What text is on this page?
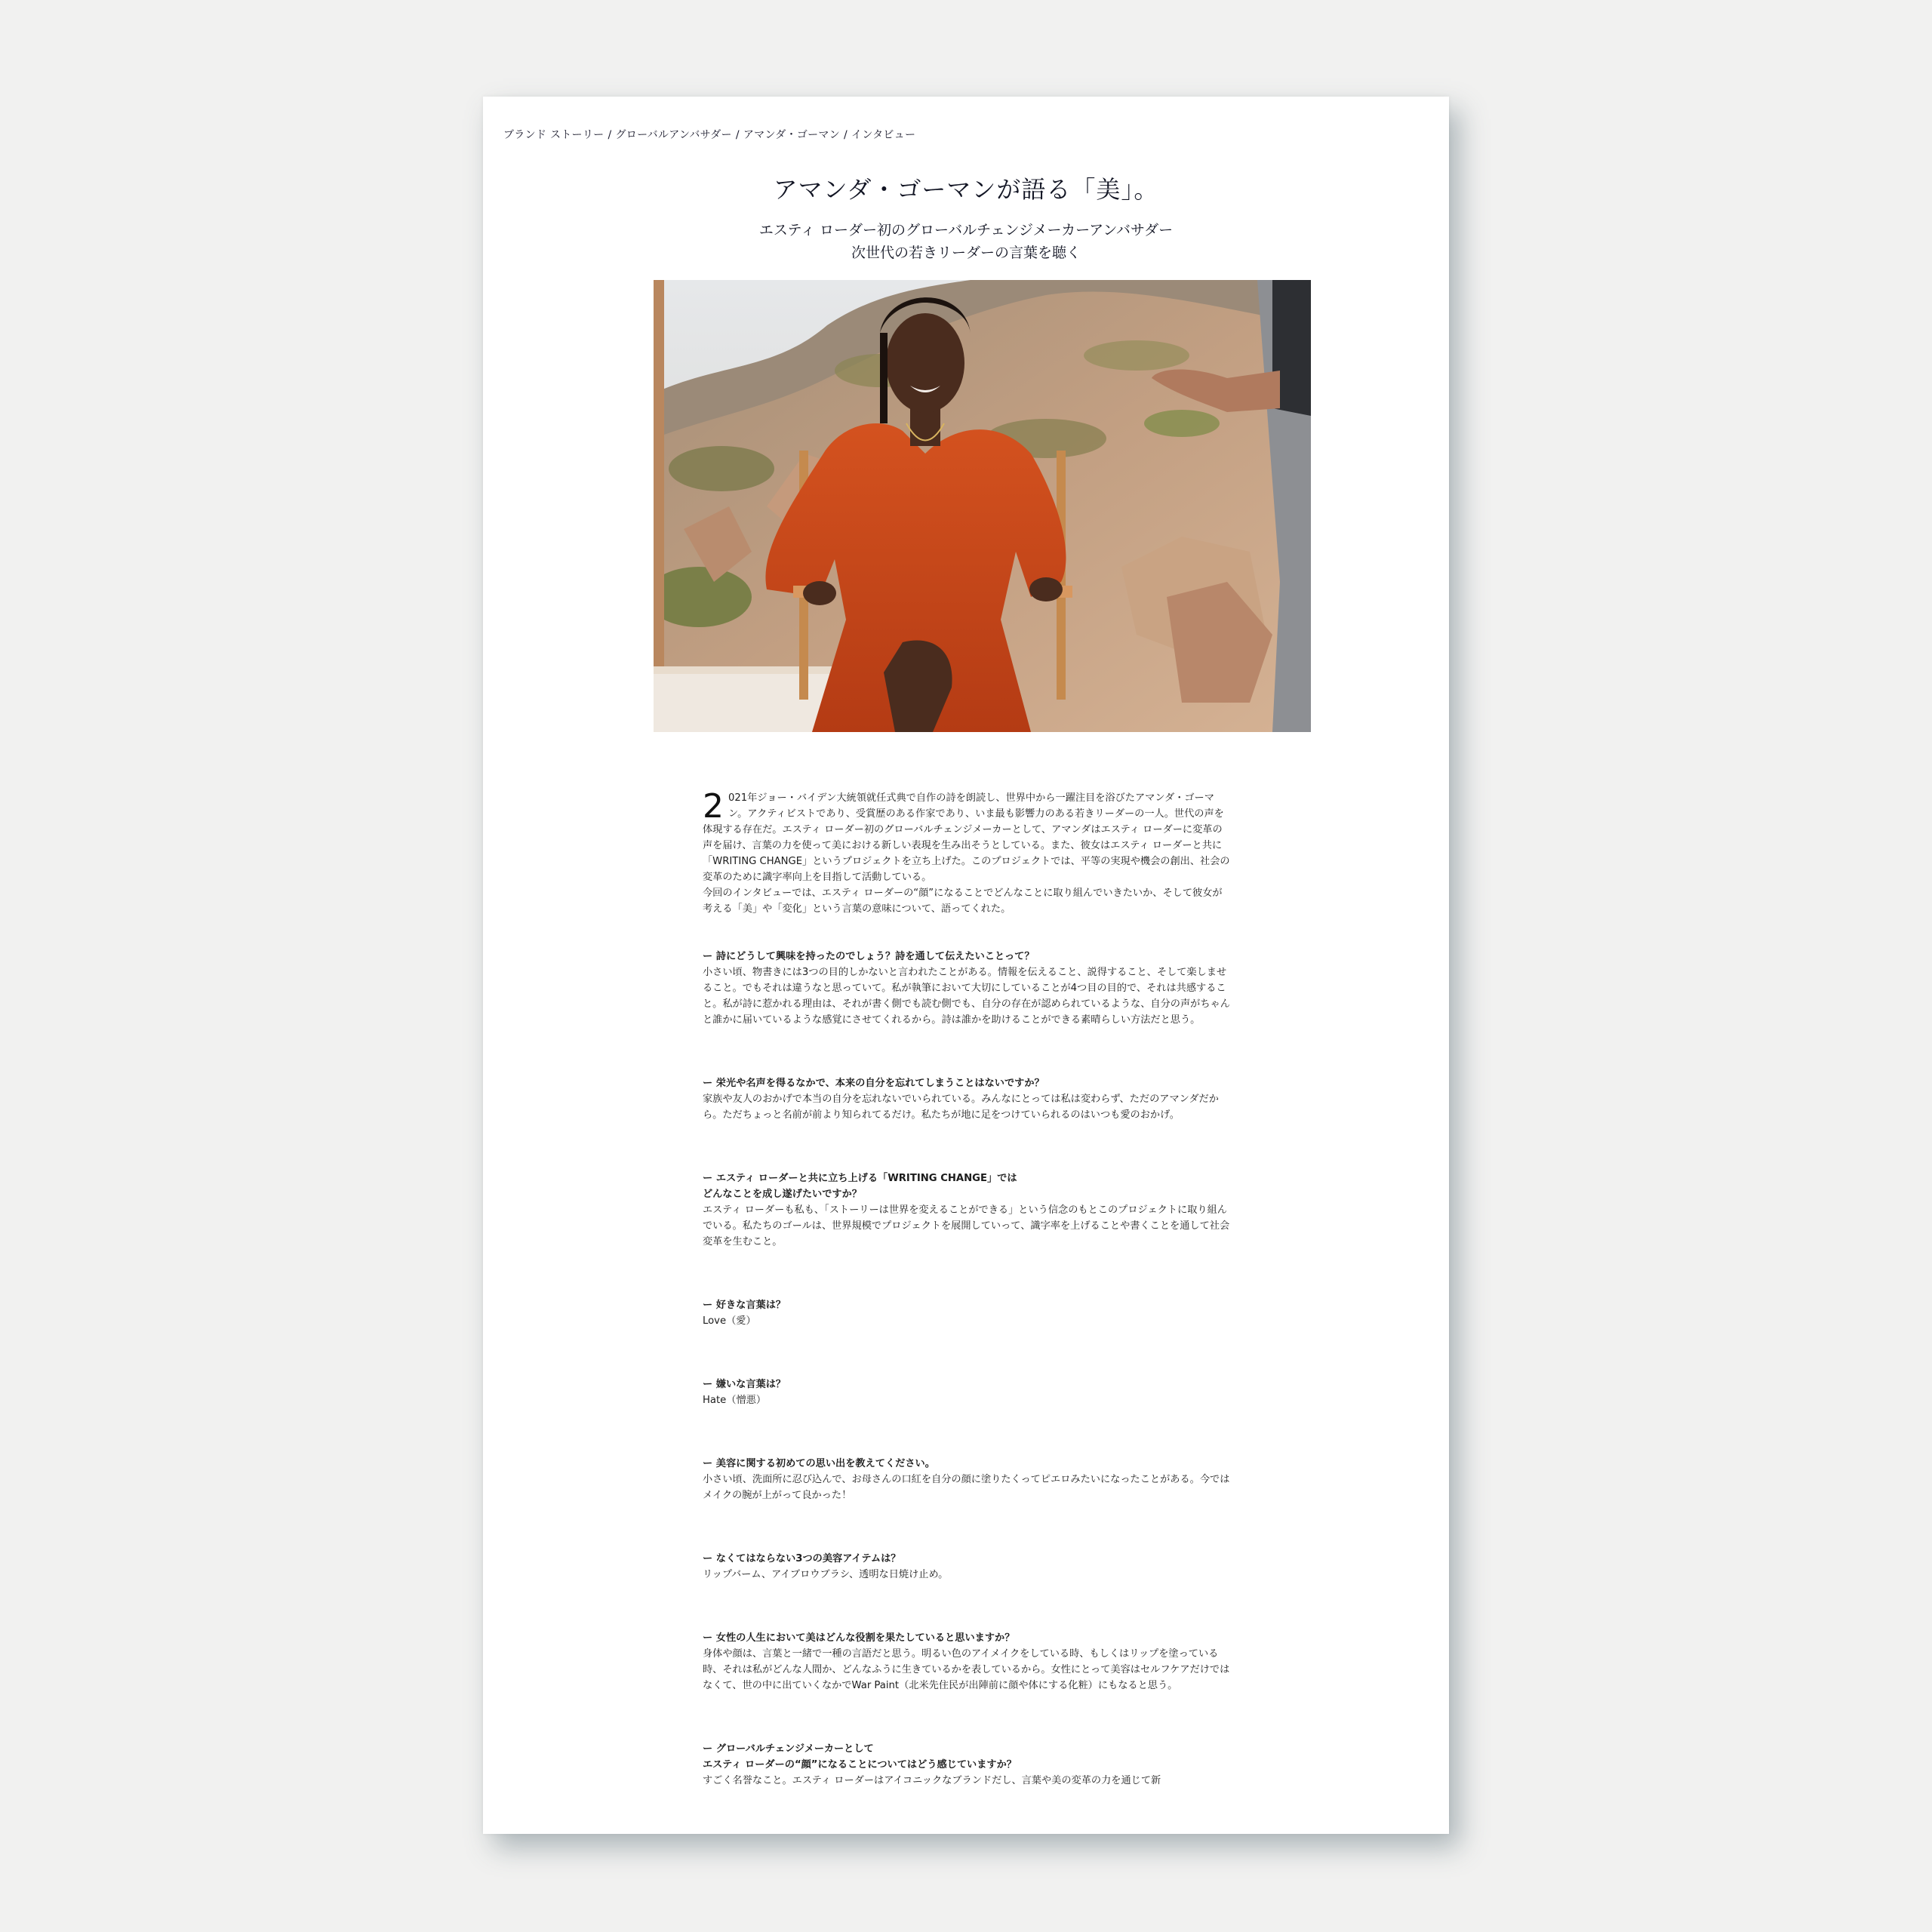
ブランド ストーリー / グローバルアンバサダー / アマンダ・ゴーマン / インタビュー
アマンダ・ゴーマンが語る「美」。
エスティ ローダー初のグローバルチェンジメーカーアンバサダー
次世代の若きリーダーの言葉を聴く
2 021年ジョー・バイデン大統領就任式典で自作の詩を朗読し、世界中から一躍注目を浴びたアマンダ・ゴーマン。アクティビストであり、受賞歴のある作家であり、いま最も影響力のある若きリーダーの一人。世代の声を体現する存在だ。エスティ ローダー初のグローバルチェンジメーカーとして、アマンダはエスティ ローダーに変革の声を届け、言葉の力を使って美における新しい表現を生み出そうとしている。また、彼女はエスティ ローダーと共に「WRITING CHANGE」というプロジェクトを立ち上げた。このプロジェクトでは、平等の実現や機会の創出、社会の変革のために識字率向上を目指して活動している。

今回のインタビューでは、エスティ ローダーの“顔”になることでどんなことに取り組んでいきたいか、そして彼女が考える「美」や「変化」という言葉の意味について、語ってくれた。

ー 詩にどうして興味を持ったのでしょう？詩を通して伝えたいことって？

小さい頃、物書きには3つの目的しかないと言われたことがある。情報を伝えること、説得すること、そして楽しませること。でもそれは違うなと思っていて。私が執筆において大切にしていることが4つ目の目的で、それは共感すること。私が詩に惹かれる理由は、それが書く側でも読む側でも、自分の存在が認められているような、自分の声がちゃんと誰かに届いているような感覚にさせてくれるから。詩は誰かを助けることができる素晴らしい方法だと思う。

ー 栄光や名声を得るなかで、本来の自分を忘れてしまうことはないですか？

家族や友人のおかげで本当の自分を忘れないでいられている。みんなにとっては私は変わらず、ただのアマンダだから。ただちょっと名前が前より知られてるだけ。私たちが地に足をつけていられるのはいつも愛のおかげ。

ー エスティ ローダーと共に立ち上げる「WRITING CHANGE」では

どんなことを成し遂げたいですか？

エスティ ローダーも私も、「ストーリーは世界を変えることができる」という信念のもとこのプロジェクトに取り組んでいる。私たちのゴールは、世界規模でプロジェクトを展開していって、識字率を上げることや書くことを通して社会変革を生むこと。

ー 好きな言葉は？

Love（愛）

ー 嫌いな言葉は？

Hate（憎悪）

ー 美容に関する初めての思い出を教えてください。

小さい頃、洗面所に忍び込んで、お母さんの口紅を自分の顔に塗りたくってピエロみたいになったことがある。今ではメイクの腕が上がって良かった！

ー なくてはならない3つの美容アイテムは？

リップバーム、アイブロウブラシ、透明な日焼け止め。

ー 女性の人生において美はどんな役割を果たしていると思いますか？

身体や顔は、言葉と一緒で一種の言語だと思う。明るい色のアイメイクをしている時、もしくはリップを塗っている時、それは私がどんな人間か、どんなふうに生きているかを表しているから。女性にとって美容はセルフケアだけではなくて、世の中に出ていくなかでWar Paint（北米先住民が出陣前に顔や体にする化粧）にもなると思う。

ー グローバルチェンジメーカーとして

エスティ ローダーの“顔”になることについてはどう感じていますか？

すごく名誉なこと。エスティ ローダーはアイコニックなブランドだし、言葉や美の変革の力を通じて新
